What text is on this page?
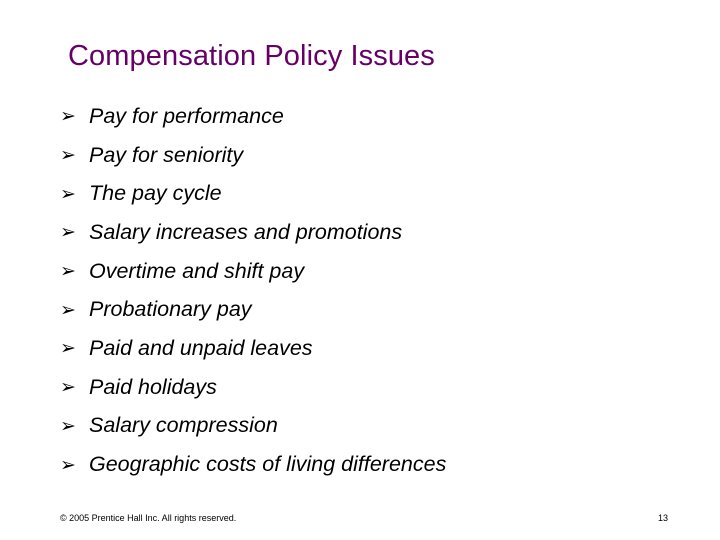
Compensation Policy Issues
➢ Pay for performance
➢ Pay for seniority
➢ The pay cycle
➢ Salary increases and promotions
➢ Overtime and shift pay
➢ Probationary pay
➢ Paid and unpaid leaves
➢ Paid holidays
➢ Salary compression
➢ Geographic costs of living differences
© 2005 Prentice Hall Inc. All rights reserved.	13
